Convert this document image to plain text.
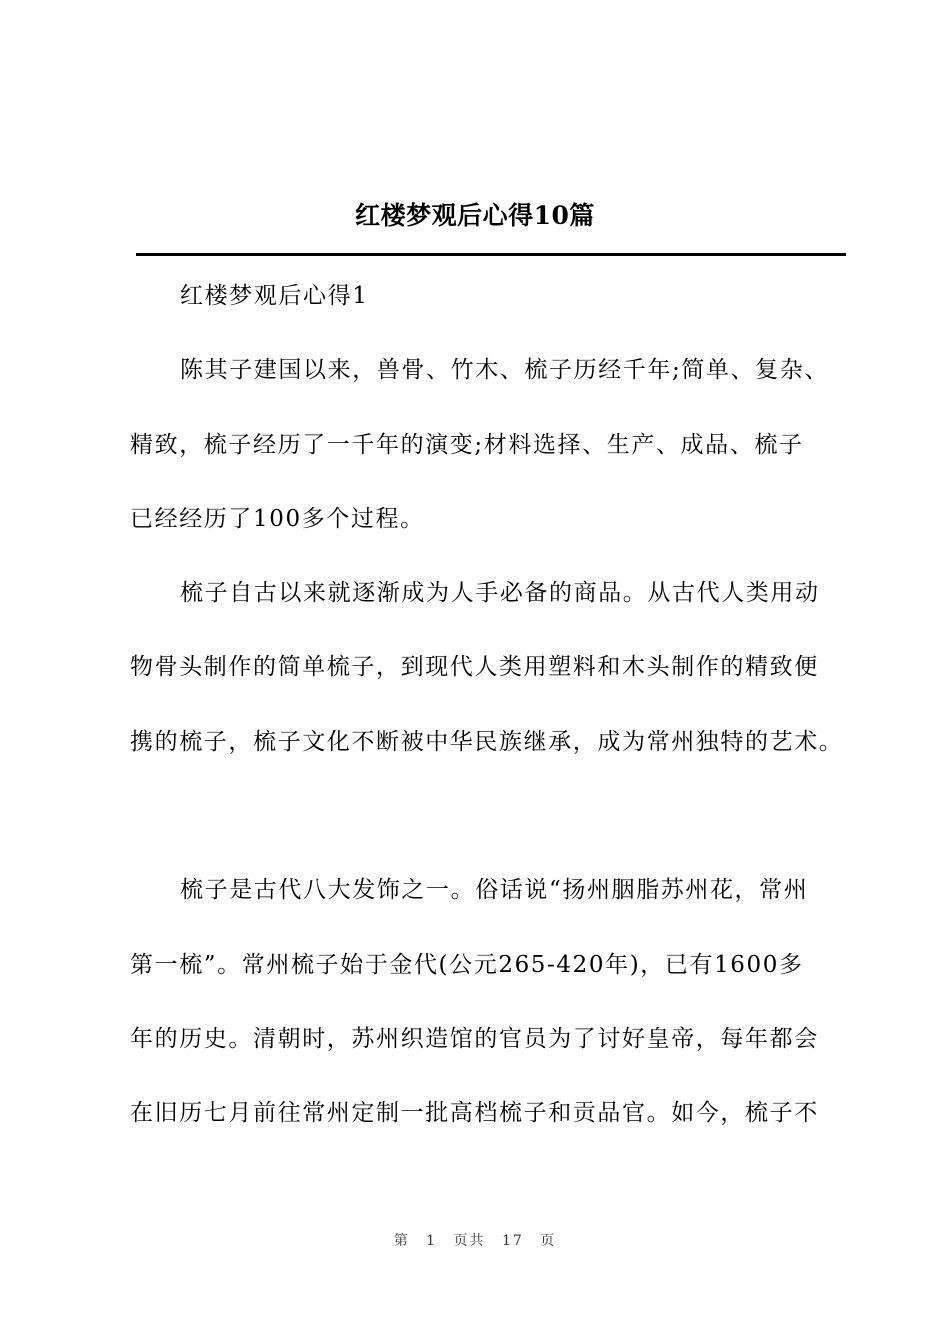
红楼梦观后心得10篇
红楼梦观后心得1
陈其子建国以来，兽骨、竹木、梳子历经千年;简单、复杂、
精致，梳子经历了一千年的演变;材料选择、生产、成品、梳子
已经经历了100多个过程。
梳子自古以来就逐渐成为人手必备的商品。从古代人类用动
物骨头制作的简单梳子，到现代人类用塑料和木头制作的精致便
携的梳子，梳子文化不断被中华民族继承，成为常州独特的艺术。
梳子是古代八大发饰之一。俗话说“扬州胭脂苏州花，常州
第一梳”。常州梳子始于金代(公元265-420年)，已有1600多
年的历史。清朝时，苏州织造馆的官员为了讨好皇帝，每年都会
在旧历七月前往常州定制一批高档梳子和贡品官。如今，梳子不
第 1 页共 17 页
